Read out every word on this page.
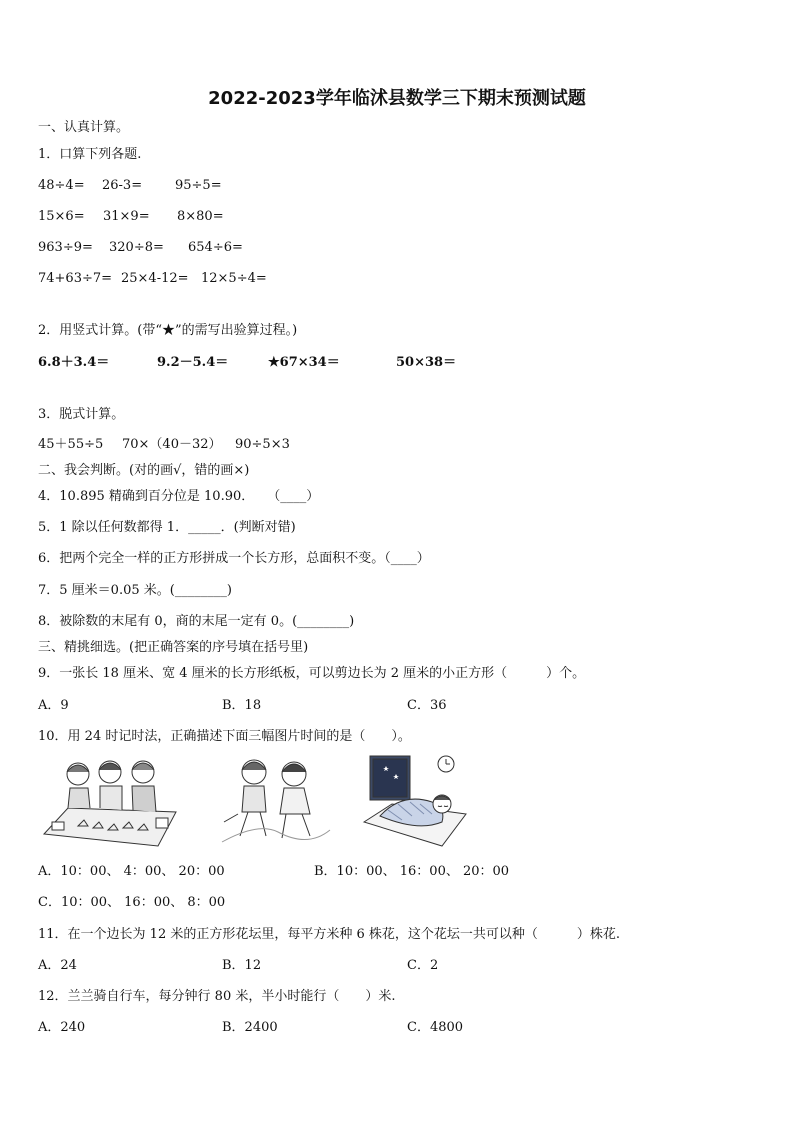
2022-2023学年临沭县数学三下期末预测试题
一、认真计算。
1．口算下列各题.
48÷4= 26-3=	95÷5=
15×6= 31×9= 8×80=
963÷9= 320÷8= 654÷6=
74+63÷7= 25×4-12= 12×5÷4=
2．用竖式计算。(带“★”的需写出验算过程。)
6.8＋3.4＝	9.2－5.4＝	★67×34＝	50×38＝
3．脱式计算。
45＋55÷5 70×（40－32） 90÷5×3
二、我会判断。(对的画√，错的画×)
4．10.895 精确到百分位是 10.90．　　（____）
5．1 除以任何数都得 1．_____．(判断对错)
6．把两个完全一样的正方形拼成一个长方形，总面积不变。（____）
7．5 厘米＝0.05 米。(________)
8．被除数的末尾有 0，商的末尾一定有 0。(________)
三、精挑细选。(把正确答案的序号填在括号里)
9．一张长 18 厘米、宽 4 厘米的长方形纸板，可以剪边长为 2 厘米的小正方形（　　　）个。
A．9	B．18	C．36
10．用 24 时记时法，正确描述下面三幅图片时间的是（　　）。
A．10：00、 4：00、 20：00	B．10：00、 16：00、 20：00
C．10：00、 16：00、 8：00
11．在一个边长为 12 米的正方形花坛里，每平方米种 6 株花，这个花坛一共可以种（　　　）株花.
A．24	B．12	C．2
12．兰兰骑自行车，每分钟行 80 米，半小时能行（　　）米.
A．240	B．2400	C．4800
